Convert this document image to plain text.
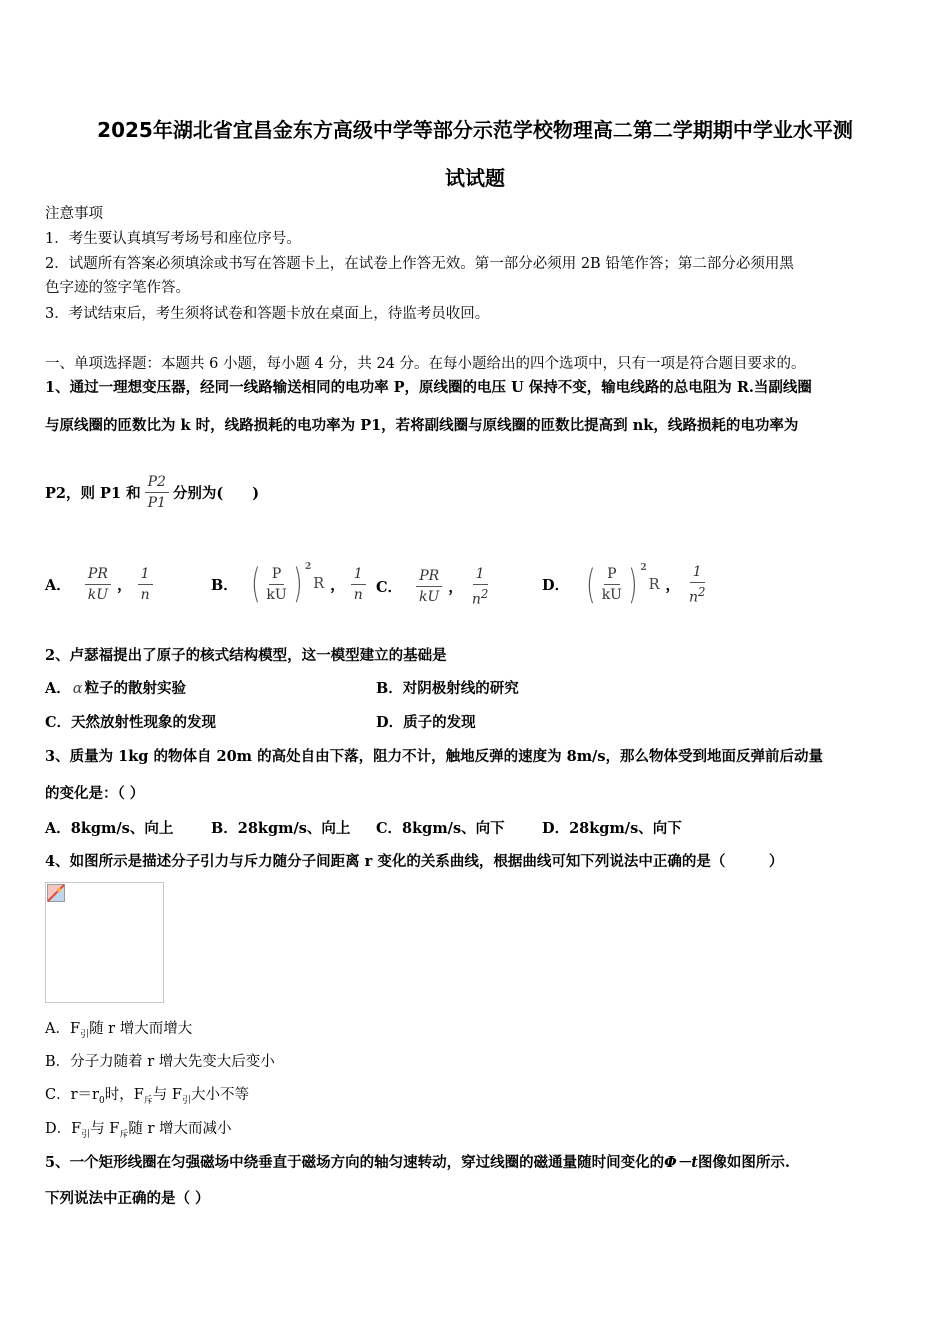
2025年湖北省宜昌金东方高级中学等部分示范学校物理高二第二学期期中学业水平测
试试题
注意事项
1．考生要认真填写考场号和座位序号。
2．试题所有答案必须填涂或书写在答题卡上，在试卷上作答无效。第一部分必须用 2B 铅笔作答；第二部分必须用黑
色字迹的签字笔作答。
3．考试结束后，考生须将试卷和答题卡放在桌面上，待监考员收回。
一、单项选择题：本题共 6 小题，每小题 4 分，共 24 分。在每小题给出的四个选项中，只有一项是符合题目要求的。
1、通过一理想变压器，经同一线路输送相同的电功率 P，原线圈的电压 U 保持不变，输电线路的总电阻为 R.当副线圈
与原线圈的匝数比为 k 时，线路损耗的电功率为 P1，若将副线圈与原线圈的匝数比提高到 nk，线路损耗的电功率为
P2，则 P1 和 $\frac{P2}{P1}$ 分别为(　　)
A． $\frac{PR}{kU}$ ， $\frac{1}{n}$	B． ( $\frac{P}{kU}$ ) 2
R ， $\frac{1}{n}$ C． $\frac{PR}{kU}$ ， $\frac{1}{n^2}$	D． ( $\frac{P}{kU}$ ) 2
R ， $\frac{1}{n^2}$
2、卢瑟福提出了原子的核式结构模型，这一模型建立的基础是
A． α 粒子的散射实验	B．对阴极射线的研究
C．天然放射性现象的发现	D．质子的发现
3、质量为 1kg 的物体自 20m 的高处自由下落，阻力不计，触地反弹的速度为 8m/s，那么物体受到地面反弹前后动量
的变化是：（ ）
A．8kgm/s、向上	B．28kgm/s、向上 C．8kgm/s、向下	D．28kgm/s、向下
4、如图所示是描述分子引力与斥力随分子间距离 r 变化的关系曲线，根据曲线可知下列说法中正确的是（　　　）
A．$F_引$随 r 增大而增大
B．分子力随着 r 增大先变大后变小
C．$r=r_0$时，$F_斥$与 $F_引$大小不等
D．$F_引$与 $F_斥$随 r 增大而减小
5、一个矩形线圈在匀强磁场中绕垂直于磁场方向的轴匀速转动，穿过线圈的磁通量随时间变化的Φ－t图像如图所示.
下列说法中正确的是（ ）
